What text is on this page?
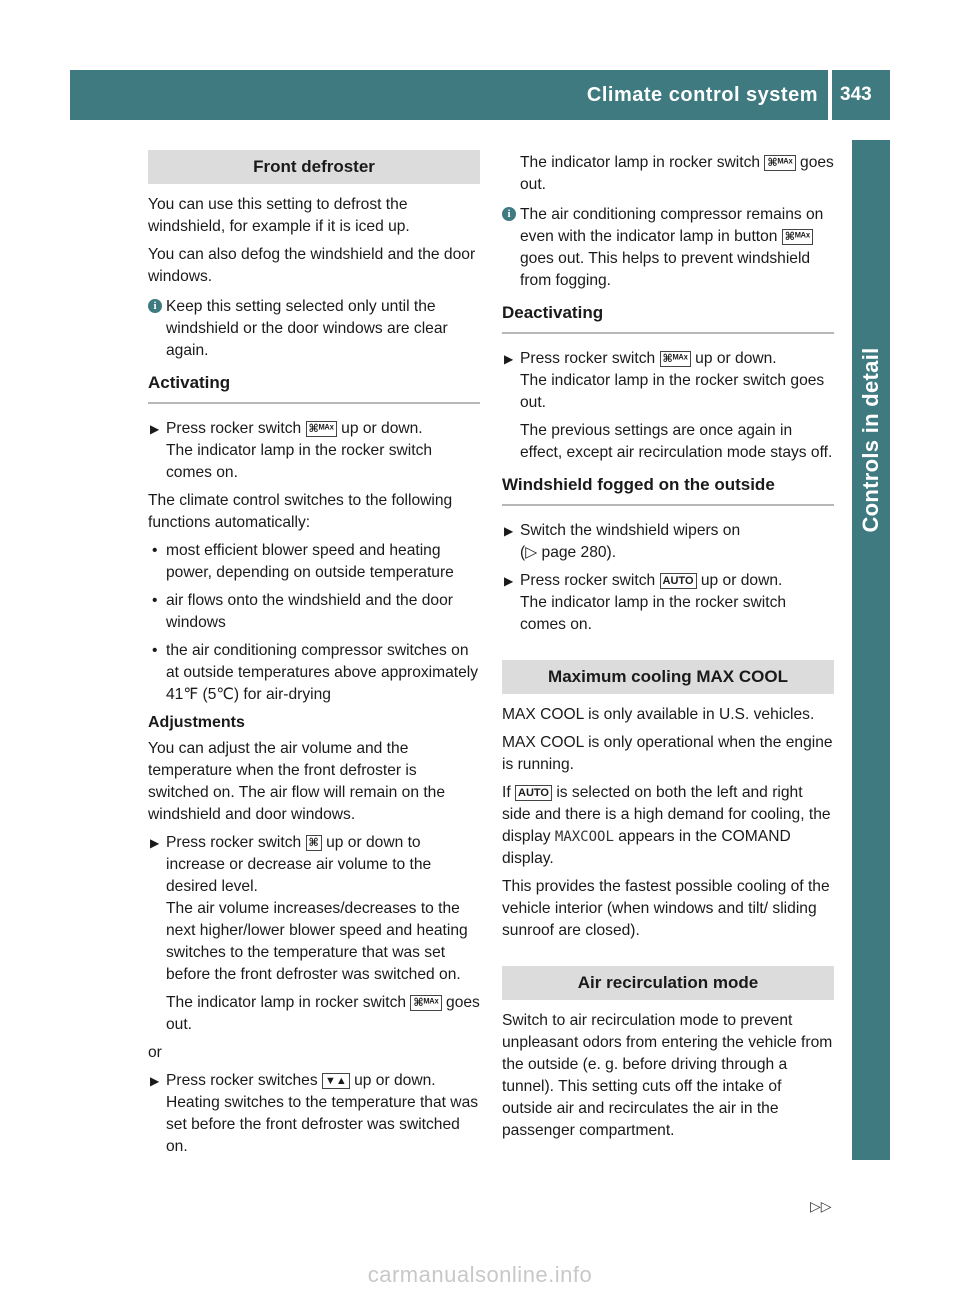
Climate control system 343
Controls in detail
Front defroster

You can use this setting to defrost the windshield, for example if it is iced up.

You can also defog the windshield and the door windows.

i Keep this setting selected only until the windshield or the door windows are clear again.
Activating
▶ Press rocker switch ⌘ᴹᴬˣ up or down.
The indicator lamp in the rocker switch comes on.

The climate control switches to the following functions automatically:

• most efficient blower speed and heating power, depending on outside temperature
• air flows onto the windshield and the door windows
• the air conditioning compressor switches on at outside temperatures above approximately 41℉ (5℃) for air-drying
Adjustments

You can adjust the air volume and the temperature when the front defroster is switched on. The air flow will remain on the windshield and door windows.

▶ Press rocker switch ⌘ up or down to increase or decrease air volume to the desired level.
The air volume increases/decreases to the next higher/lower blower speed and heating switches to the temperature that was set before the front defroster was switched on.
The indicator lamp in rocker switch ⌘ᴹᴬˣ goes out.

or

▶ Press rocker switches ▼▲ up or down.
Heating switches to the temperature that was set before the front defroster was switched on.
The indicator lamp in rocker switch ⌘ᴹᴬˣ goes out.
i The air conditioning compressor remains on even with the indicator lamp in button ⌘ᴹᴬˣ goes out. This helps to prevent windshield from fogging.
Deactivating
▶ Press rocker switch ⌘ᴹᴬˣ up or down.
The indicator lamp in the rocker switch goes out.
The previous settings are once again in effect, except air recirculation mode stays off.
Windshield fogged on the outside
▶ Switch the windshield wipers on
(▷ page 280).
▶ Press rocker switch AUTO up or down.
The indicator lamp in the rocker switch comes on.
Maximum cooling MAX COOL

MAX COOL is only available in U.S. vehicles.

MAX COOL is only operational when the engine is running.

If AUTO is selected on both the left and right side and there is a high demand for cooling, the display MAXCOOL appears in the COMAND display.

This provides the fastest possible cooling of the vehicle interior (when windows and tilt/ sliding sunroof are closed).

Air recirculation mode

Switch to air recirculation mode to prevent unpleasant odors from entering the vehicle from the outside (e. g. before driving through a tunnel). This setting cuts off the intake of outside air and recirculates the air in the passenger compartment.

▷▷
carmanualsonline.info
